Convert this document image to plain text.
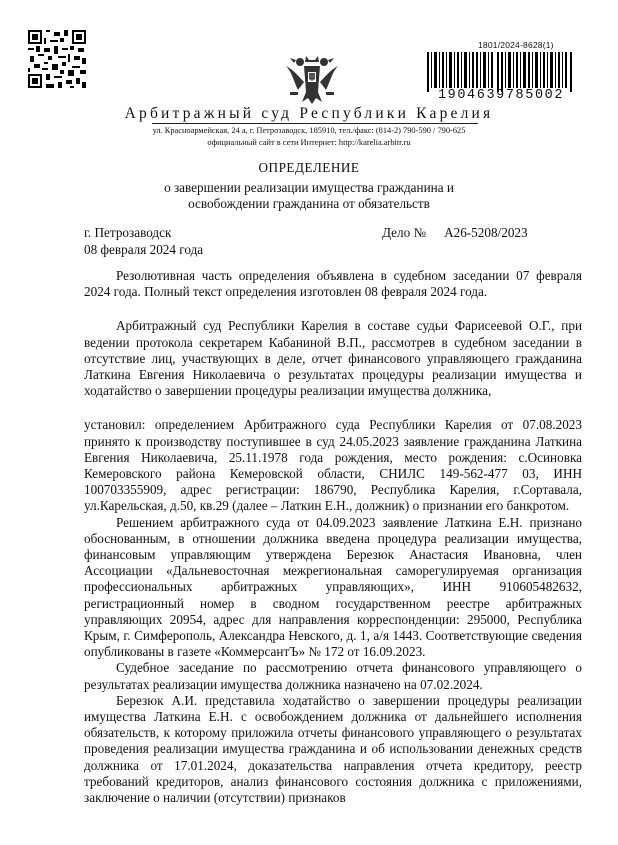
1801/2024-8628(1)
1904639785002
Арбитражный суд Республики Карелия
ул. Красноармейская, 24 а, г. Петрозаводск, 185910, тел./факс: (814-2) 790-590 / 790-625
официальный сайт в сети Интернет: http://karelia.arbitr.ru
ОПРЕДЕЛЕНИЕ
о завершении реализации имущества гражданина и
освобождении гражданина от обязательств
г. Петрозаводск
08 февраля 2024 года
Дело № А26-5208/2023

Резолютивная часть определения объявлена в судебном заседании 07 февраля 2024 года. Полный текст определения изготовлен 08 февраля 2024 года.

Арбитражный суд Республики Карелия в составе судьи Фарисеевой О.Г., при ведении протокола секретарем Кабаниной В.П., рассмотрев в судебном заседании в отсутствие лиц, участвующих в деле, отчет финансового управляющего гражданина Латкина Евгения Николаевича о результатах процедуры реализации имущества и ходатайство о завершении процедуры реализации имущества должника,

установил: определением Арбитражного суда Республики Карелия от 07.08.2023 принято к производству поступившее в суд 24.05.2023 заявление гражданина Латкина Евгения Николаевича, 25.11.1978 года рождения, место рождения: с.Осиновка Кемеровского района Кемеровской области, СНИЛС 149-562-477 03, ИНН 100703355909, адрес регистрации: 186790, Республика Карелия, г.Сортавала, ул.Карельская, д.50, кв.29 (далее – Латкин Е.Н., должник) о признании его банкротом.

Решением арбитражного суда от 04.09.2023 заявление Латкина Е.Н. признано обоснованным, в отношении должника введена процедура реализации имущества, финансовым управляющим утверждена Березюк Анастасия Ивановна, член Ассоциации «Дальневосточная межрегиональная саморегулируемая организация профессиональных арбитражных управляющих», ИНН 910605482632, регистрационный номер в сводном государственном реестре арбитражных управляющих 20954, адрес для направления корреспонденции: 295000, Республика Крым, г. Симферополь, Александра Невского, д. 1, а/я 1443. Соответствующие сведения опубликованы в газете «КоммерсантЪ» № 172 от 16.09.2023.

Судебное заседание по рассмотрению отчета финансового управляющего о результатах реализации имущества должника назначено на 07.02.2024.

Березюк А.И. представила ходатайство о завершении процедуры реализации имущества Латкина Е.Н. с освобождением должника от дальнейшего исполнения обязательств, к которому приложила отчеты финансового управляющего о результатах проведения реализации имущества гражданина и об использовании денежных средств должника от 17.01.2024, доказательства направления отчета кредитору, реестр требований кредиторов, анализ финансового состояния должника с приложениями, заключение о наличии (отсутствии) признаков
